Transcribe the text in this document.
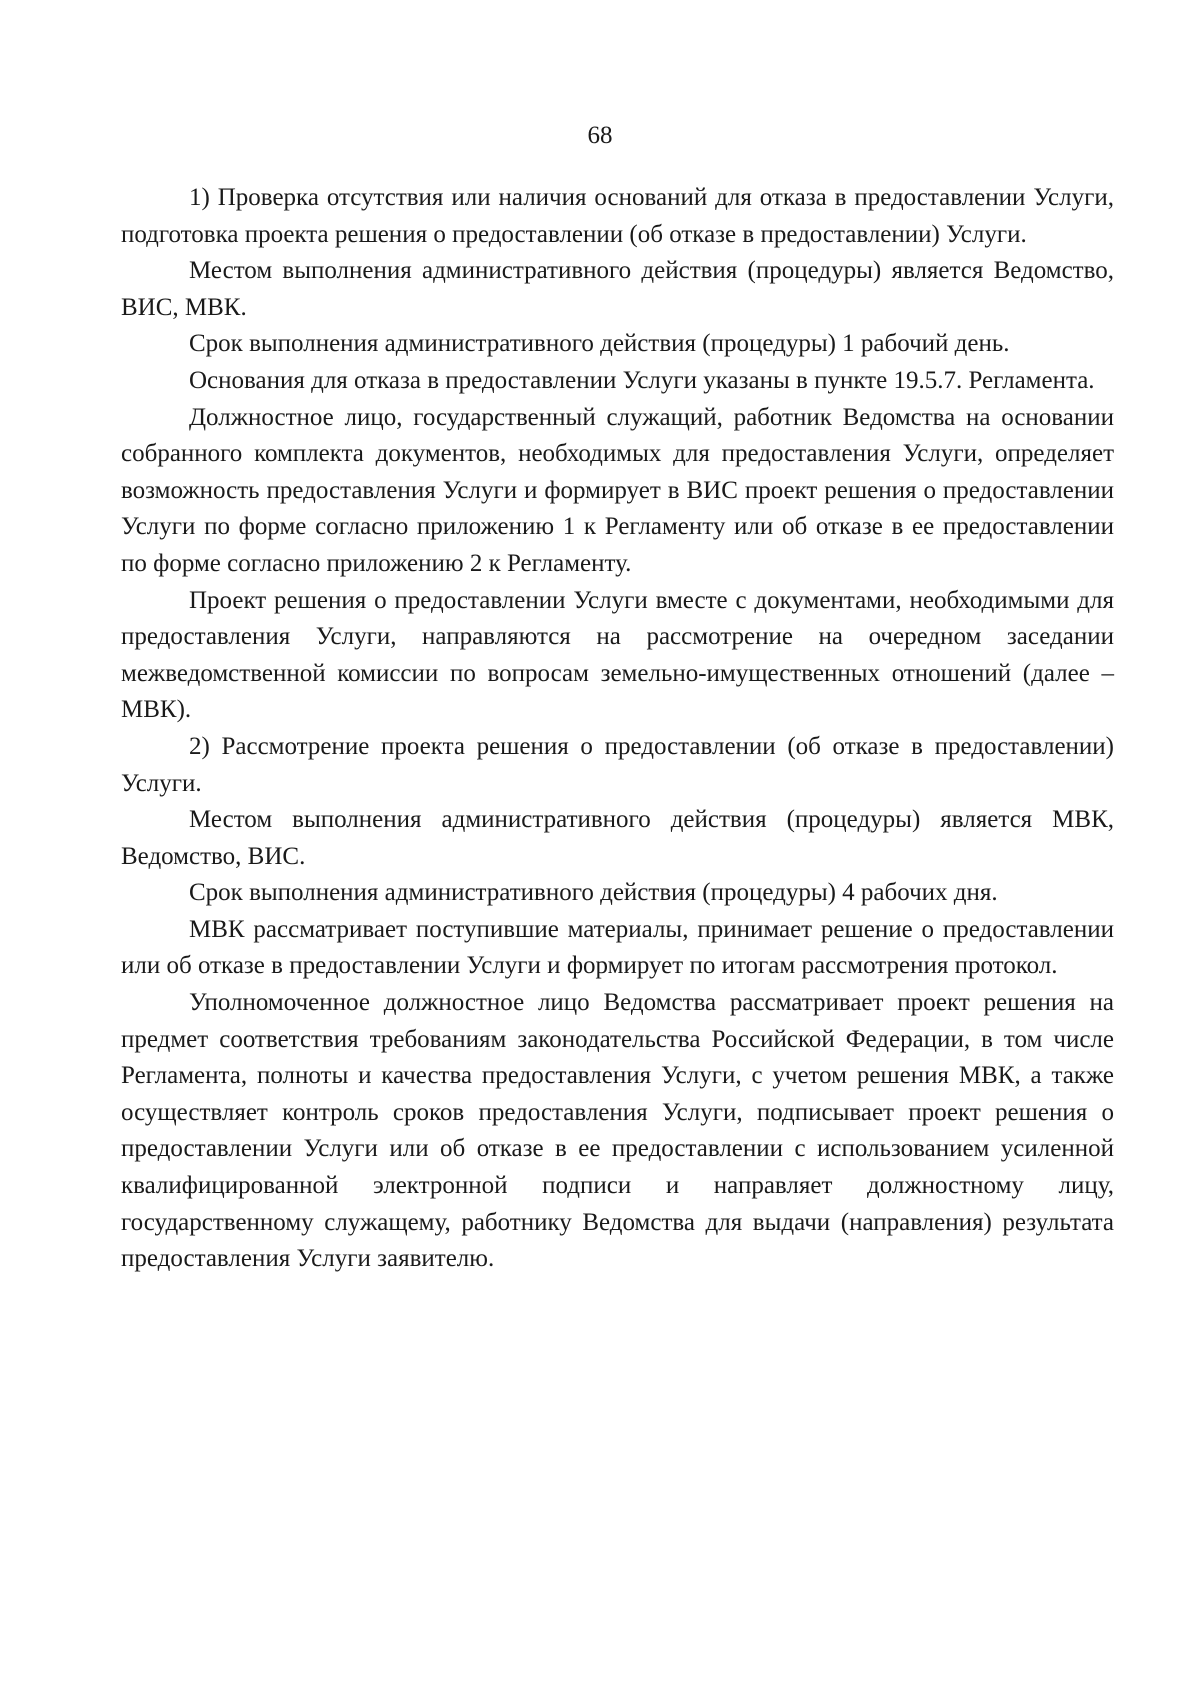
68

1) Проверка отсутствия или наличия оснований для отказа в предоставлении Услуги, подготовка проекта решения о предоставлении (об отказе в предоставлении) Услуги.

Местом выполнения административного действия (процедуры) является Ведомство, ВИС, МВК.

Срок выполнения административного действия (процедуры) 1 рабочий день.

Основания для отказа в предоставлении Услуги указаны в пункте 19.5.7. Регламента.

Должностное лицо, государственный служащий, работник Ведомства на основании собранного комплекта документов, необходимых для предоставления Услуги, определяет возможность предоставления Услуги и формирует в ВИС проект решения о предоставлении Услуги по форме согласно приложению 1 к Регламенту или об отказе в ее предоставлении по форме согласно приложению 2 к Регламенту.

Проект решения о предоставлении Услуги вместе с документами, необходимыми для предоставления Услуги, направляются на рассмотрение на очередном заседании межведомственной комиссии по вопросам земельно-имущественных отношений (далее – МВК).

2) Рассмотрение проекта решения о предоставлении (об отказе в предоставлении) Услуги.

Местом выполнения административного действия (процедуры) является МВК, Ведомство, ВИС.

Срок выполнения административного действия (процедуры) 4 рабочих дня.

МВК рассматривает поступившие материалы, принимает решение о предоставлении или об отказе в предоставлении Услуги и формирует по итогам рассмотрения протокол.

Уполномоченное должностное лицо Ведомства рассматривает проект решения на предмет соответствия требованиям законодательства Российской Федерации, в том числе Регламента, полноты и качества предоставления Услуги, с учетом решения МВК, а также осуществляет контроль сроков предоставления Услуги, подписывает проект решения о предоставлении Услуги или об отказе в ее предоставлении с использованием усиленной квалифицированной электронной подписи и направляет должностному лицу, государственному служащему, работнику Ведомства для выдачи (направления) результата предоставления Услуги заявителю.
